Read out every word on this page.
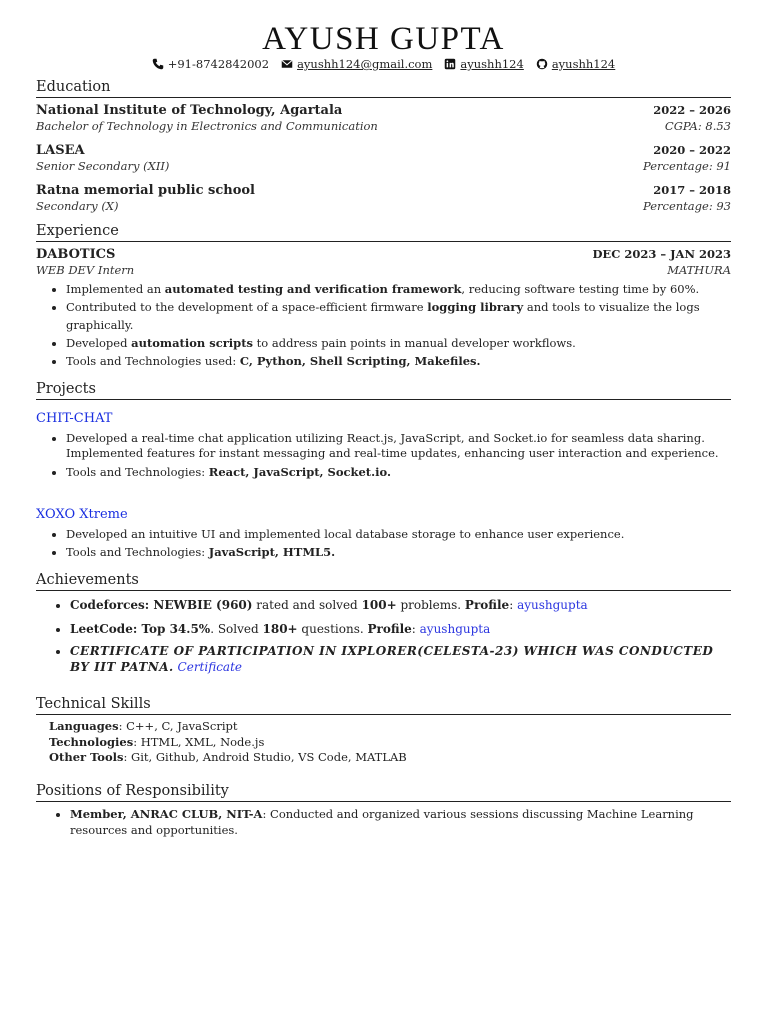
AYUSH GUPTA
+91-8742842002 ayushh124@gmail.com ayushh124 ayushh124
Education
National Institute of Technology, Agartala	2022 – 2026
Bachelor of Technology in Electronics and Communication	CGPA: 8.53
LASEA	2020 – 2022
Senior Secondary (XII)	Percentage: 91
Ratna memorial public school	2017 – 2018
Secondary (X)	Percentage: 93
Experience
DABOTICS	DEC 2023 – JAN 2023
WEB DEV Intern	MATHURA
• Implemented an automated testing and verification framework, reducing software testing time by 60%.
• Contributed to the development of a space-efficient firmware logging library and tools to visualize the logs graphically.
• Developed automation scripts to address pain points in manual developer workflows.
• Tools and Technologies used: C, Python, Shell Scripting, Makefiles.
Projects
CHIT-CHAT
• Developed a real-time chat application utilizing React.js, JavaScript, and Socket.io for seamless data sharing. Implemented features for instant messaging and real-time updates, enhancing user interaction and experience.
• Tools and Technologies: React, JavaScript, Socket.io.
XOXO Xtreme
• Developed an intuitive UI and implemented local database storage to enhance user experience.
• Tools and Technologies: JavaScript, HTML5.
Achievements
• Codeforces: NEWBIE (960) rated and solved 100+ problems. Profile: ayushgupta
• LeetCode: Top 34.5%. Solved 180+ questions. Profile: ayushgupta
• CERTIFICATE OF PARTICIPATION IN IXPLORER(CELESTA-23) WHICH WAS CONDUCTED BY IIT PATNA. Certificate
Technical Skills
Languages: C++, C, JavaScript
Technologies: HTML, XML, Node.js
Other Tools: Git, Github, Android Studio, VS Code, MATLAB
Positions of Responsibility
• Member, ANRAC CLUB, NIT-A: Conducted and organized various sessions discussing Machine Learning resources and opportunities.
